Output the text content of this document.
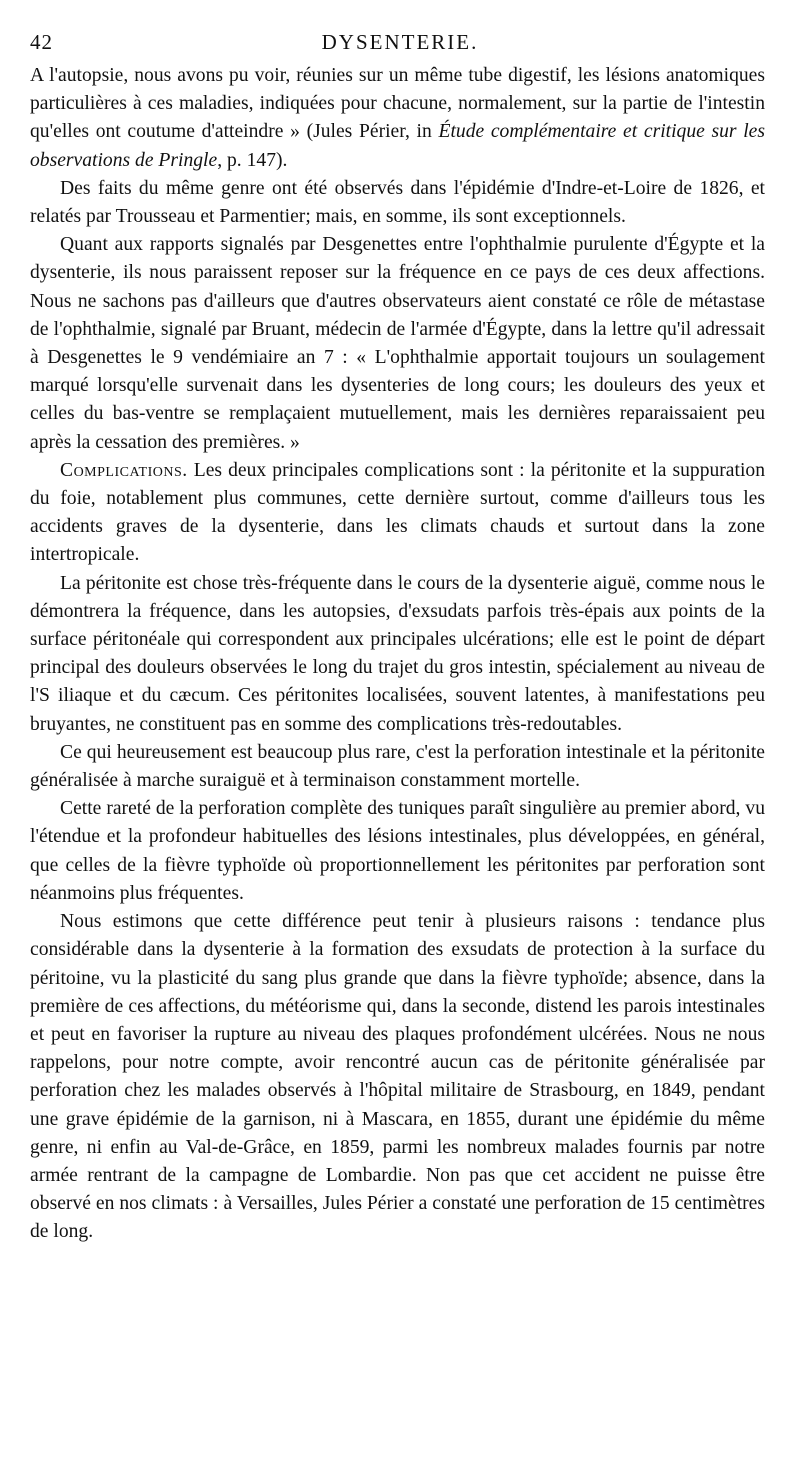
42	DYSENTERIE.

A l'autopsie, nous avons pu voir, réunies sur un même tube digestif, les lésions anatomiques particulières à ces maladies, indiquées pour chacune, normalement, sur la partie de l'intestin qu'elles ont coutume d'atteindre » (Jules Périer, in Étude complémentaire et critique sur les observations de Pringle, p. 147).

Des faits du même genre ont été observés dans l'épidémie d'Indre-et-Loire de 1826, et relatés par Trousseau et Parmentier; mais, en somme, ils sont exceptionnels.

Quant aux rapports signalés par Desgenettes entre l'ophthalmie purulente d'Égypte et la dysenterie, ils nous paraissent reposer sur la fréquence en ce pays de ces deux affections. Nous ne sachons pas d'ailleurs que d'autres observateurs aient constaté ce rôle de métastase de l'ophthalmie, signalé par Bruant, médecin de l'armée d'Égypte, dans la lettre qu'il adressait à Desgenettes le 9 vendémiaire an 7 : « L'ophthalmie apportait toujours un soulagement marqué lorsqu'elle survenait dans les dysenteries de long cours; les douleurs des yeux et celles du bas-ventre se remplaçaient mutuellement, mais les dernières reparaissaient peu après la cessation des premières. »

Complications. Les deux principales complications sont : la péritonite et la suppuration du foie, notablement plus communes, cette dernière surtout, comme d'ailleurs tous les accidents graves de la dysenterie, dans les climats chauds et surtout dans la zone intertropicale.

La péritonite est chose très-fréquente dans le cours de la dysenterie aiguë, comme nous le démontrera la fréquence, dans les autopsies, d'exsudats parfois très-épais aux points de la surface péritonéale qui correspondent aux principales ulcérations; elle est le point de départ principal des douleurs observées le long du trajet du gros intestin, spécialement au niveau de l'S iliaque et du cæcum. Ces péritonites localisées, souvent latentes, à manifestations peu bruyantes, ne constituent pas en somme des complications très-redoutables.

Ce qui heureusement est beaucoup plus rare, c'est la perforation intestinale et la péritonite généralisée à marche suraiguë et à terminaison constamment mortelle.

Cette rareté de la perforation complète des tuniques paraît singulière au premier abord, vu l'étendue et la profondeur habituelles des lésions intestinales, plus développées, en général, que celles de la fièvre typhoïde où proportionnellement les péritonites par perforation sont néanmoins plus fréquentes.

Nous estimons que cette différence peut tenir à plusieurs raisons : tendance plus considérable dans la dysenterie à la formation des exsudats de protection à la surface du péritoine, vu la plasticité du sang plus grande que dans la fièvre typhoïde; absence, dans la première de ces affections, du météorisme qui, dans la seconde, distend les parois intestinales et peut en favoriser la rupture au niveau des plaques profondément ulcérées. Nous ne nous rappelons, pour notre compte, avoir rencontré aucun cas de péritonite généralisée par perforation chez les malades observés à l'hôpital militaire de Strasbourg, en 1849, pendant une grave épidémie de la garnison, ni à Mascara, en 1855, durant une épidémie du même genre, ni enfin au Val-de-Grâce, en 1859, parmi les nombreux malades fournis par notre armée rentrant de la campagne de Lombardie. Non pas que cet accident ne puisse être observé en nos climats : à Versailles, Jules Périer a constaté une perforation de 15 centimètres de long.
